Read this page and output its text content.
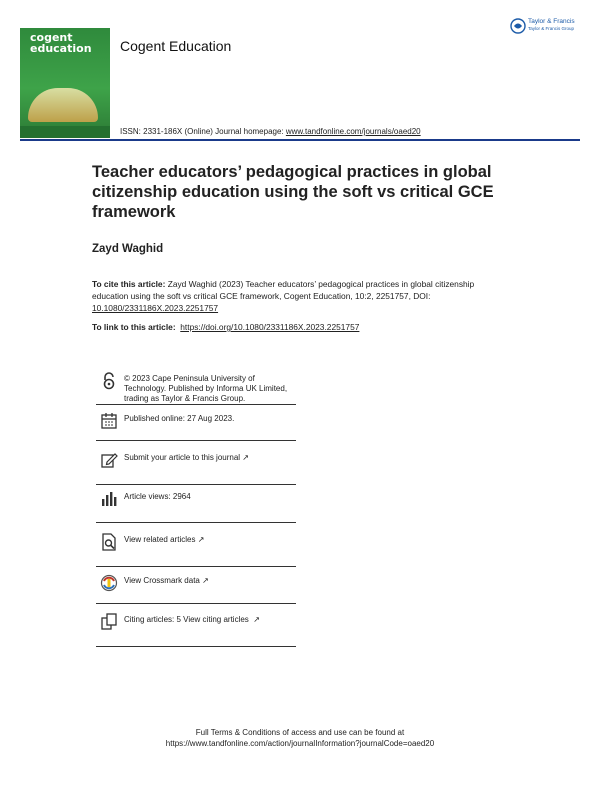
cogent
education Cogent Education
Taylor & Francis
Taylor & Francis Group
ISSN: 2331-186X (Online) Journal homepage: www.tandfonline.com/journals/oaed20
Teacher educators’ pedagogical practices in global citizenship education using the soft vs critical GCE framework
Zayd Waghid
To cite this article: Zayd Waghid (2023) Teacher educators’ pedagogical practices in global citizenship education using the soft vs critical GCE framework, Cogent Education, 10:2, 2251757, DOI: 10.1080/2331186X.2023.2251757
To link to this article: https://doi.org/10.1080/2331186X.2023.2251757
© 2023 Cape Peninsula University of Technology. Published by Informa UK Limited, trading as Taylor & Francis Group.
Published online: 27 Aug 2023.
Submit your article to this journal ↗
Article views: 2964
View related articles ↗
View Crossmark data ↗
Citing articles: 5 View citing articles ↗
Full Terms & Conditions of access and use can be found at
https://www.tandfonline.com/action/journalInformation?journalCode=oaed20
